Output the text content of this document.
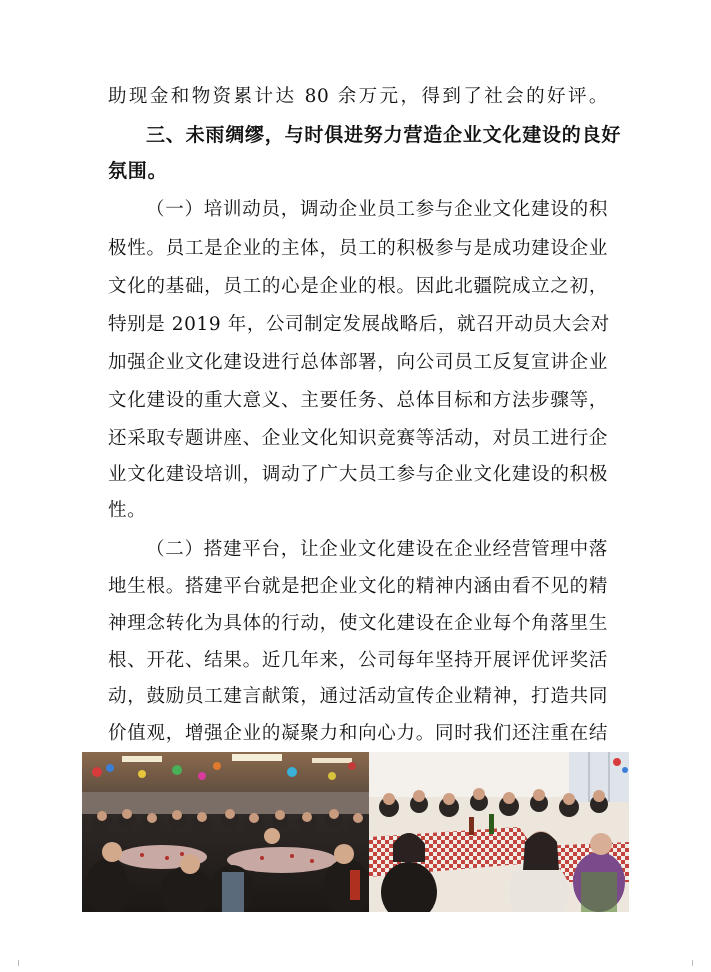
助现金和物资累计达 80 余万元，得到了社会的好评。
三、未雨绸缪，与时俱进努力营造企业文化建设的良好
氛围。
（一）培训动员，调动企业员工参与企业文化建设的积
极性。员工是企业的主体，员工的积极参与是成功建设企业
文化的基础，员工的心是企业的根。因此北疆院成立之初，
特别是 2019 年，公司制定发展战略后，就召开动员大会对
加强企业文化建设进行总体部署，向公司员工反复宣讲企业
文化建设的重大意义、主要任务、总体目标和方法步骤等，
还采取专题讲座、企业文化知识竞赛等活动，对员工进行企
业文化建设培训，调动了广大员工参与企业文化建设的积极
性。
（二）搭建平台，让企业文化建设在企业经营管理中落
地生根。搭建平台就是把企业文化的精神内涵由看不见的精
神理念转化为具体的行动，使文化建设在企业每个角落里生
根、开花、结果。近几年来，公司每年坚持开展评优评奖活
动，鼓励员工建言献策，通过活动宣传企业精神，打造共同
价值观，增强企业的凝聚力和向心力。同时我们还注重在结
